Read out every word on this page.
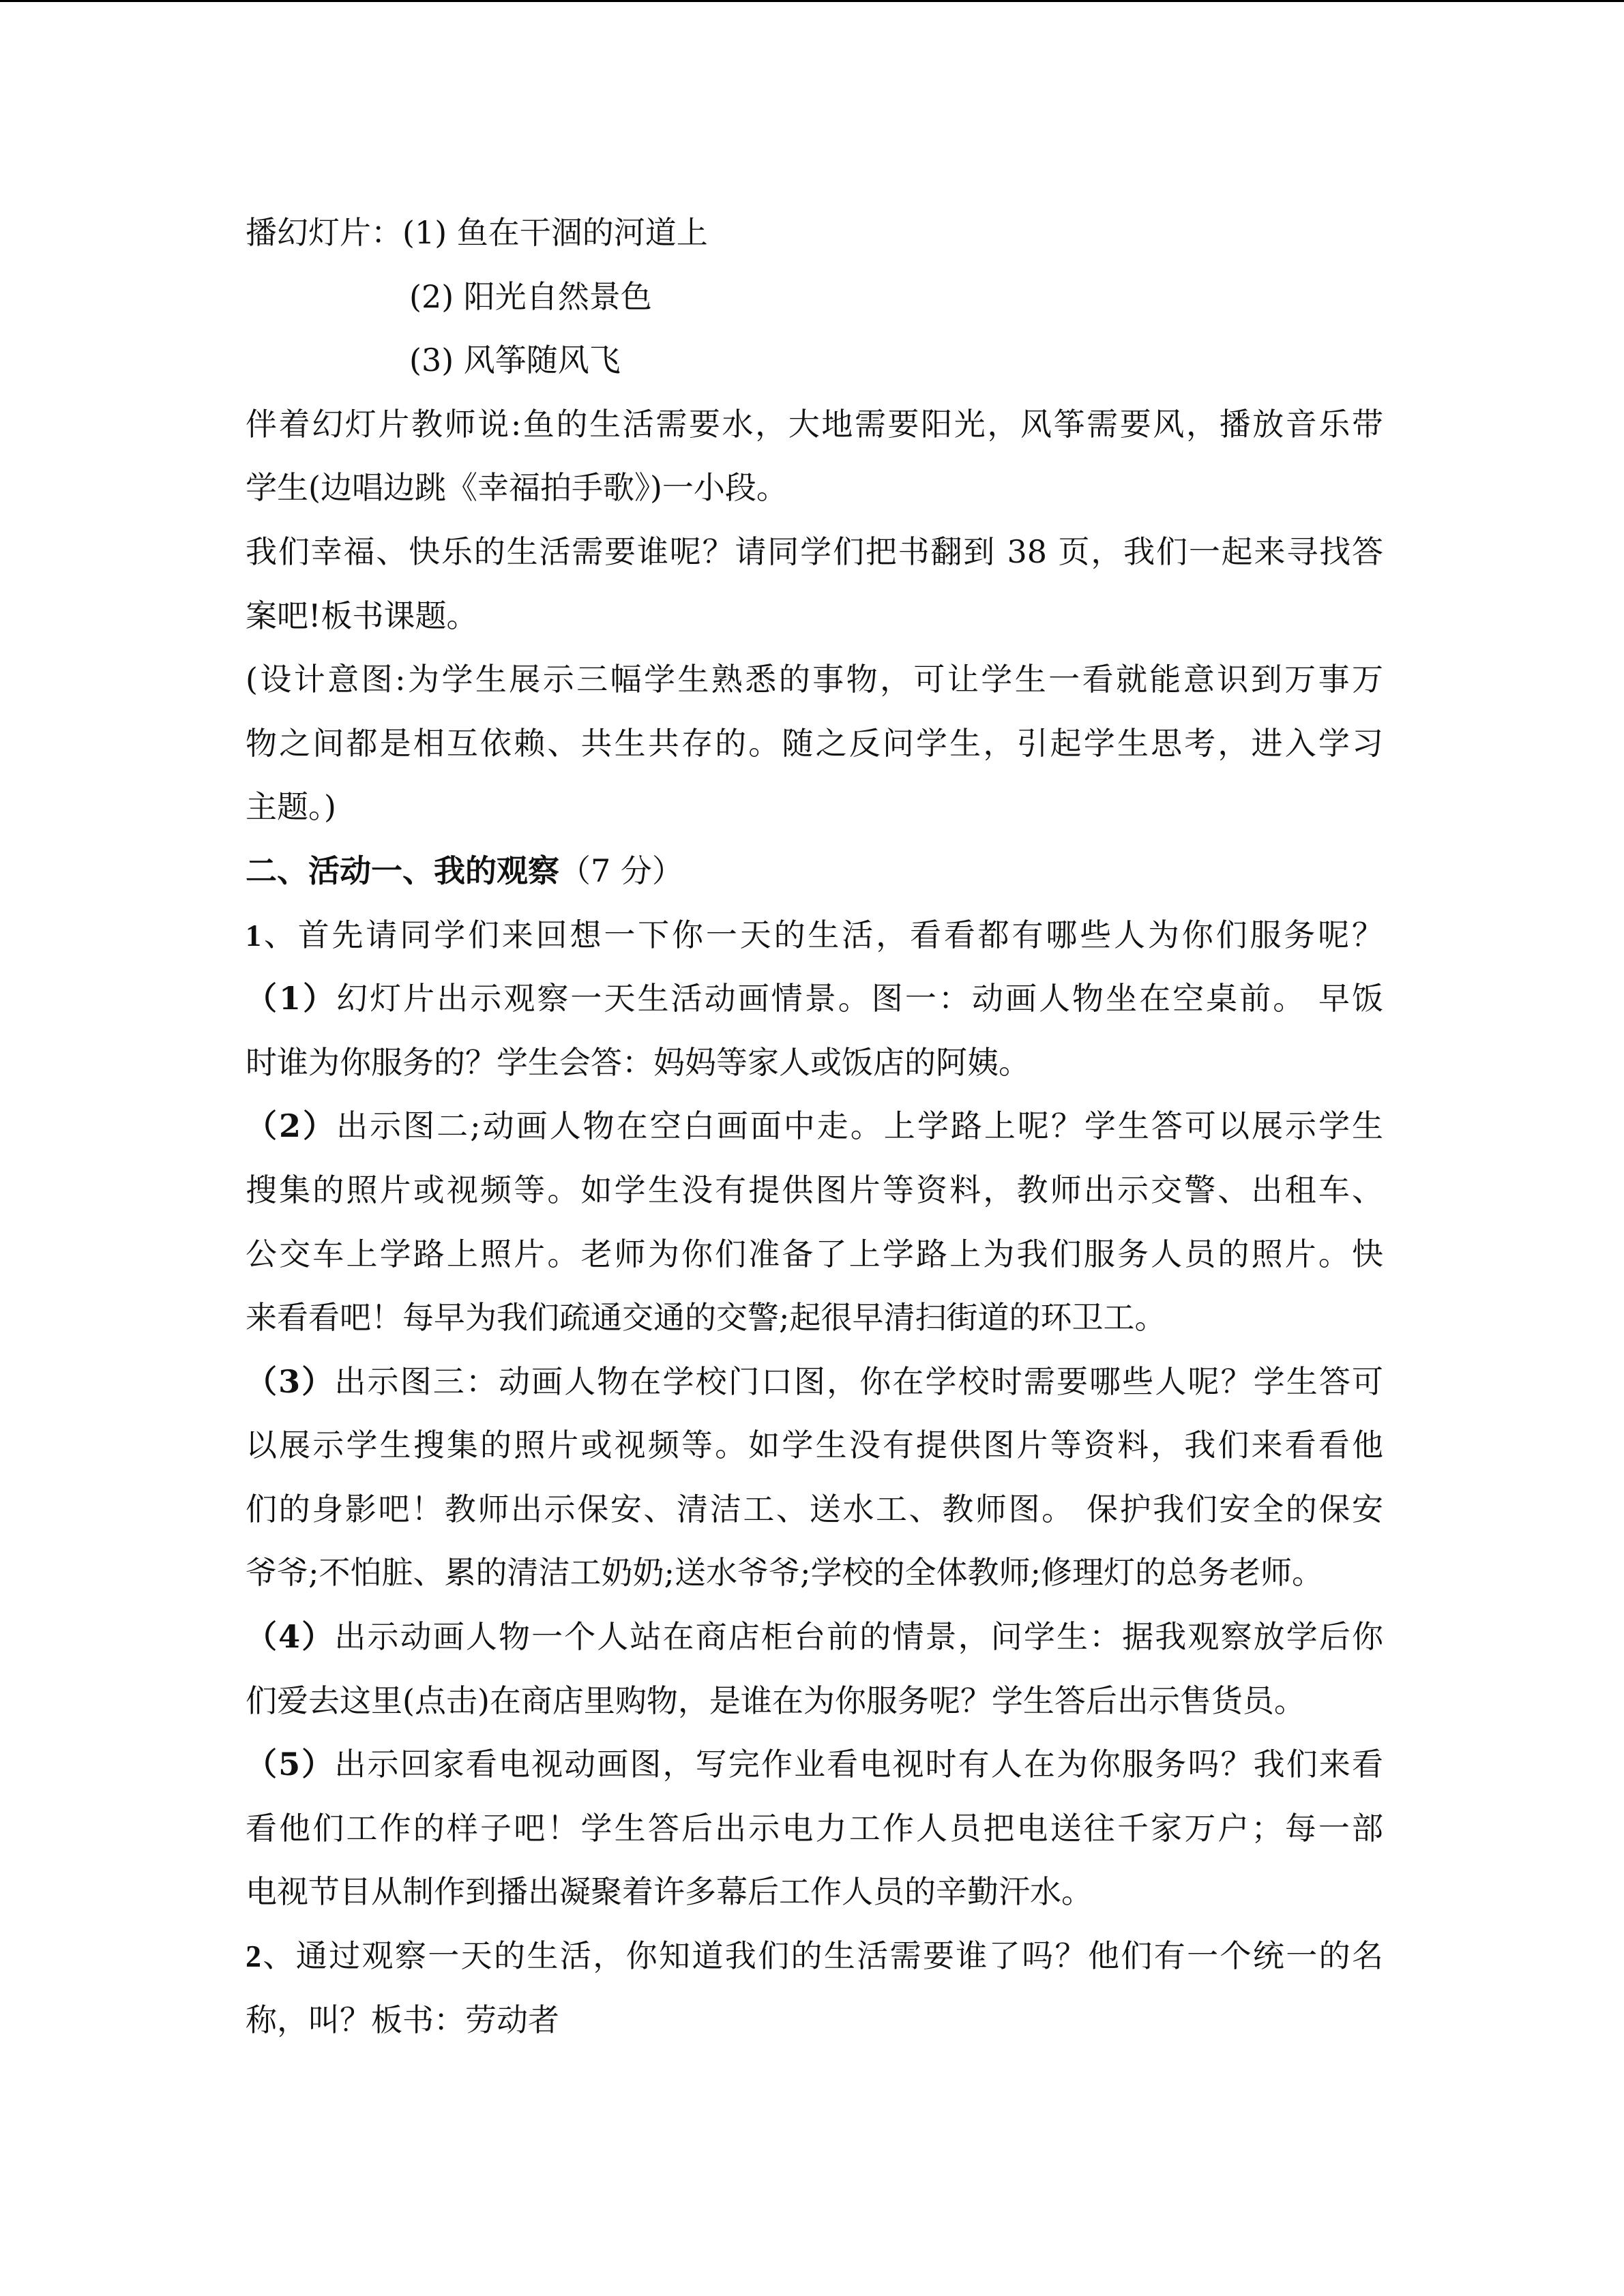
播幻灯片：(1) 鱼在干涸的河道上
(2) 阳光自然景色
(3) 风筝随风飞
伴着幻灯片教师说:鱼的生活需要水，大地需要阳光，风筝需要风，播放音乐带
学生(边唱边跳《幸福拍手歌》)一小段。
我们幸福、快乐的生活需要谁呢？请同学们把书翻到 38 页，我们一起来寻找答
案吧!板书课题。
(设计意图:为学生展示三幅学生熟悉的事物，可让学生一看就能意识到万事万
物之间都是相互依赖、共生共存的。随之反问学生，引起学生思考，进入学习
主题。)
二、活动一、我的观察（7 分）
1、首先请同学们来回想一下你一天的生活，看看都有哪些人为你们服务呢？
（1）幻灯片出示观察一天生活动画情景。图一：动画人物坐在空桌前。 早饭
时谁为你服务的？学生会答：妈妈等家人或饭店的阿姨。
（2）出示图二;动画人物在空白画面中走。上学路上呢？学生答可以展示学生
搜集的照片或视频等。如学生没有提供图片等资料，教师出示交警、出租车、
公交车上学路上照片。老师为你们准备了上学路上为我们服务人员的照片。快
来看看吧！每早为我们疏通交通的交警;起很早清扫街道的环卫工。
（3）出示图三：动画人物在学校门口图，你在学校时需要哪些人呢？学生答可
以展示学生搜集的照片或视频等。如学生没有提供图片等资料，我们来看看他
们的身影吧！教师出示保安、清洁工、送水工、教师图。 保护我们安全的保安
爷爷;不怕脏、累的清洁工奶奶;送水爷爷;学校的全体教师;修理灯的总务老师。
（4）出示动画人物一个人站在商店柜台前的情景，问学生：据我观察放学后你
们爱去这里(点击)在商店里购物，是谁在为你服务呢？学生答后出示售货员。
（5）出示回家看电视动画图，写完作业看电视时有人在为你服务吗？我们来看
看他们工作的样子吧！学生答后出示电力工作人员把电送往千家万户；每一部
电视节目从制作到播出凝聚着许多幕后工作人员的辛勤汗水。
2、通过观察一天的生活，你知道我们的生活需要谁了吗？他们有一个统一的名
称，叫？板书：劳动者
